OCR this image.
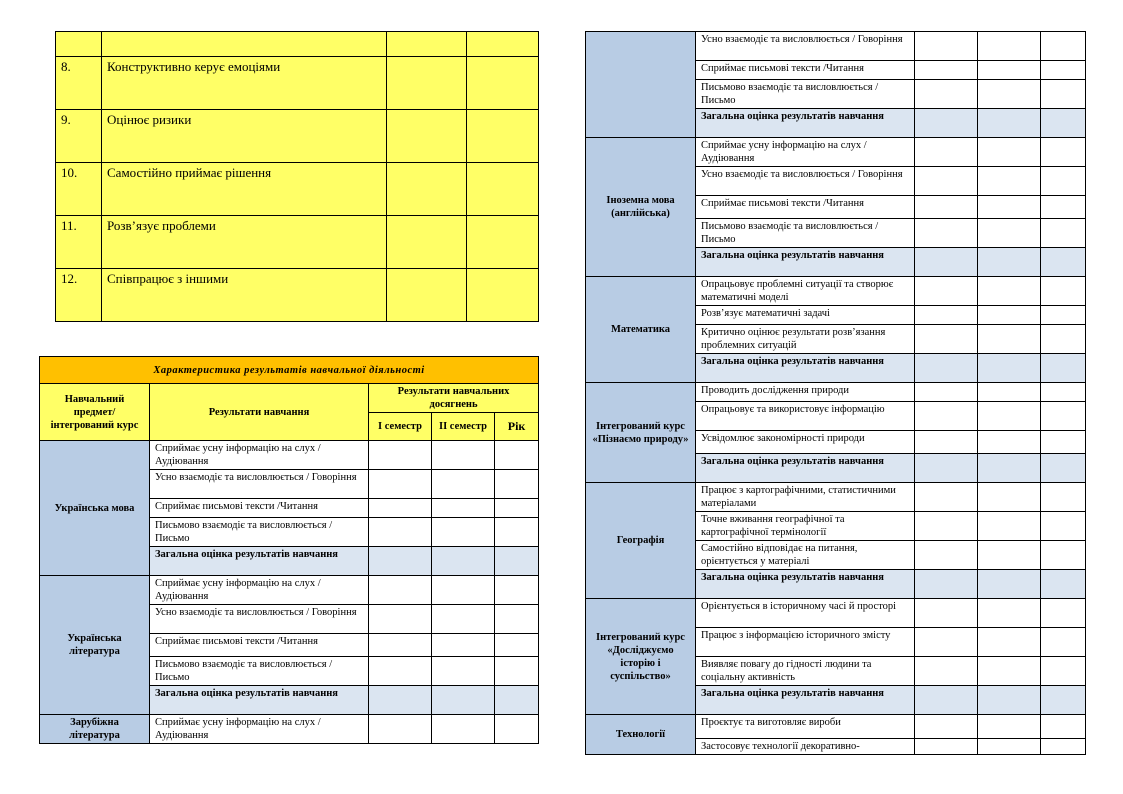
8.	Конструктивно керує емоціями		
9.	Оцінює ризики		
10.	Самостійно приймає рішення		
11.	Розв’язує проблеми		
12.	Співпрацює з іншими		
Характеристика результатів навчальної діяльності				
Навчальний предмет/ інтегрований курс	Результати навчання	Результати навчальних досягнень		
		І семестр	ІІ семестр	Рік
Українська мова	Сприймає усну інформацію на слух / Аудіювання			
	Усно взаємодіє та висловлюється / Говоріння			
	Сприймає письмові тексти /Читання			
	Письмово взаємодіє та висловлюється / Письмо			
	Загальна оцінка результатів навчання			
Українська література	Сприймає усну інформацію на слух / Аудіювання			
	Усно взаємодіє та висловлюється / Говоріння			
	Сприймає письмові тексти /Читання			
	Письмово взаємодіє та висловлюється / Письмо			
	Загальна оцінка результатів навчання			
Зарубіжна література	Сприймає усну інформацію на слух / Аудіювання			
	Усно взаємодіє та висловлюється / Говоріння			
	Сприймає письмові тексти /Читання			
	Письмово взаємодіє та висловлюється / Письмо			
	Загальна оцінка результатів навчання			
Іноземна мова (англійська)	Сприймає усну інформацію на слух / Аудіювання			
	Усно взаємодіє та висловлюється / Говоріння			
	Сприймає письмові тексти /Читання			
	Письмово взаємодіє та висловлюється / Письмо			
	Загальна оцінка результатів навчання			
Математика	Опрацьовує проблемні ситуації та створює математичні моделі			
	Розв’язує математичні задачі			
	Критично оцінює результати розв’язання проблемних ситуацій			
	Загальна оцінка результатів навчання			
Інтегрований курс «Пізнаємо природу»	Проводить дослідження природи			
	Опрацьовує та використовує інформацію			
	Усвідомлює закономірності природи			
	Загальна оцінка результатів навчання			
Географія	Працює з картографічними, статистичними матеріалами			
	Точне вживання географічної та картографічної термінології			
	Самостійно відповідає на питання, орієнтується у матеріалі			
	Загальна оцінка результатів навчання			
Інтегрований курс «Досліджуємо історію і суспільство»	Орієнтується в історичному часі й просторі			
	Працює з інформацією історичного змісту			
	Виявляє повагу до гідності людини та соціальну активність			
	Загальна оцінка результатів навчання			
Технології	Проєктує та виготовляє вироби			
	Застосовує технології декоративно-			
